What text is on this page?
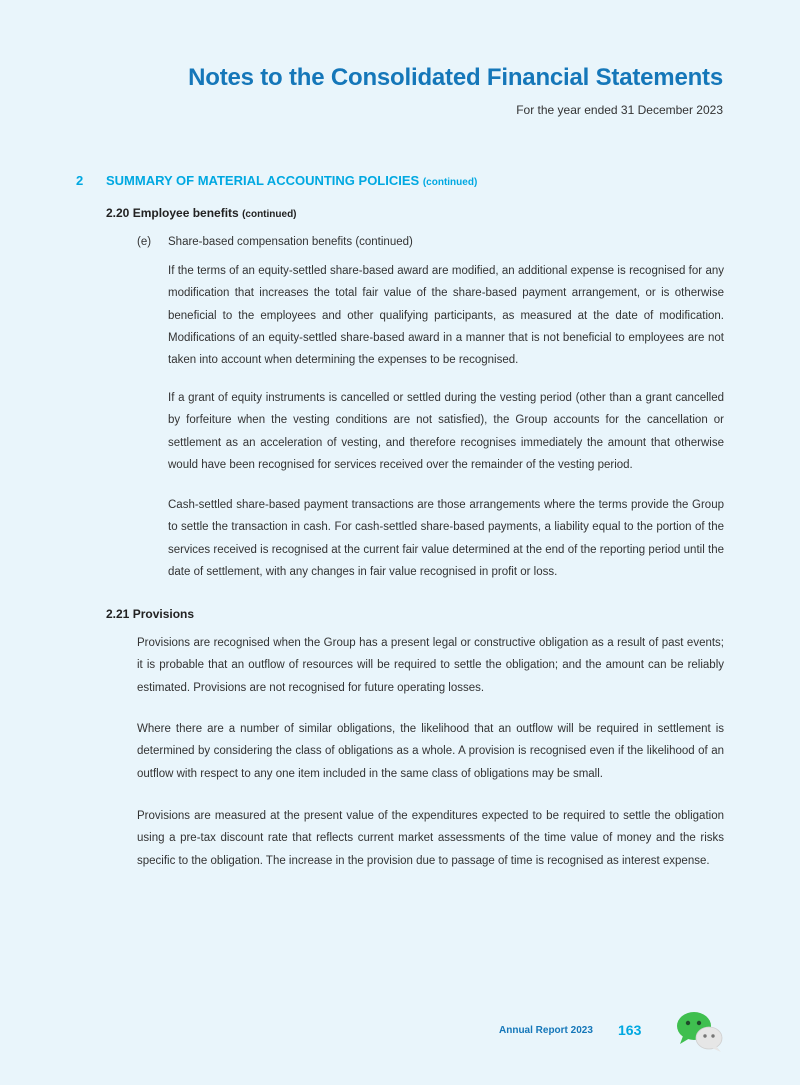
Notes to the Consolidated Financial Statements
For the year ended 31 December 2023
2 SUMMARY OF MATERIAL ACCOUNTING POLICIES (continued)
2.20 Employee benefits (continued)
(e) Share-based compensation benefits (continued)

If the terms of an equity-settled share-based award are modified, an additional expense is recognised for any modification that increases the total fair value of the share-based payment arrangement, or is otherwise beneficial to the employees and other qualifying participants, as measured at the date of modification. Modifications of an equity-settled share-based award in a manner that is not beneficial to employees are not taken into account when determining the expenses to be recognised.

If a grant of equity instruments is cancelled or settled during the vesting period (other than a grant cancelled by forfeiture when the vesting conditions are not satisfied), the Group accounts for the cancellation or settlement as an acceleration of vesting, and therefore recognises immediately the amount that otherwise would have been recognised for services received over the remainder of the vesting period.

Cash-settled share-based payment transactions are those arrangements where the terms provide the Group to settle the transaction in cash. For cash-settled share-based payments, a liability equal to the portion of the services received is recognised at the current fair value determined at the end of the reporting period until the date of settlement, with any changes in fair value recognised in profit or loss.

2.21 Provisions

Provisions are recognised when the Group has a present legal or constructive obligation as a result of past events; it is probable that an outflow of resources will be required to settle the obligation; and the amount can be reliably estimated. Provisions are not recognised for future operating losses.

Where there are a number of similar obligations, the likelihood that an outflow will be required in settlement is determined by considering the class of obligations as a whole. A provision is recognised even if the likelihood of an outflow with respect to any one item included in the same class of obligations may be small.

Provisions are measured at the present value of the expenditures expected to be required to settle the obligation using a pre-tax discount rate that reflects current market assessments of the time value of money and the risks specific to the obligation. The increase in the provision due to passage of time is recognised as interest expense.

Annual Report 2023 163
